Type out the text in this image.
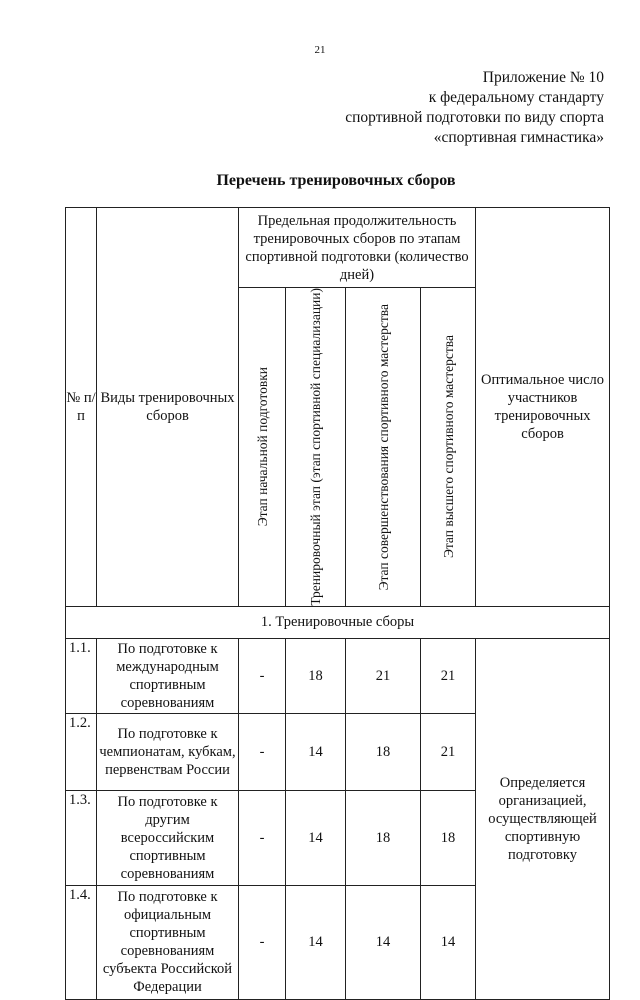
21
Приложение № 10
к федеральному стандарту
спортивной подготовки по виду спорта
«спортивная гимнастика»
Перечень тренировочных сборов
№ п/п	Виды тренировочных сборов	Предельная продолжительность тренировочных сборов по этапам спортивной подготовки (количество дней)				Оптимальное число участников тренировочных сборов

		Этап начальной подготовки	Тренировочный этап (этап спортивной специализации)	Этап совершенствования спортивного мастерства	Этап высшего спортивного мастерства	

1. Тренировочные сборы						
1.1.	По подготовке к международным спортивным соревнованиям	-	18	21	21	Определяется организацией, осуществляющей спортивную подготовку
1.2.	По подготовке к чемпионатам, кубкам, первенствам России	-	14	18	21	
1.3.	По подготовке к другим всероссийским спортивным соревнованиям	-	14	18	18	
1.4.	По подготовке к официальным спортивным соревнованиям субъекта Российской Федерации	-	14	14	14	
